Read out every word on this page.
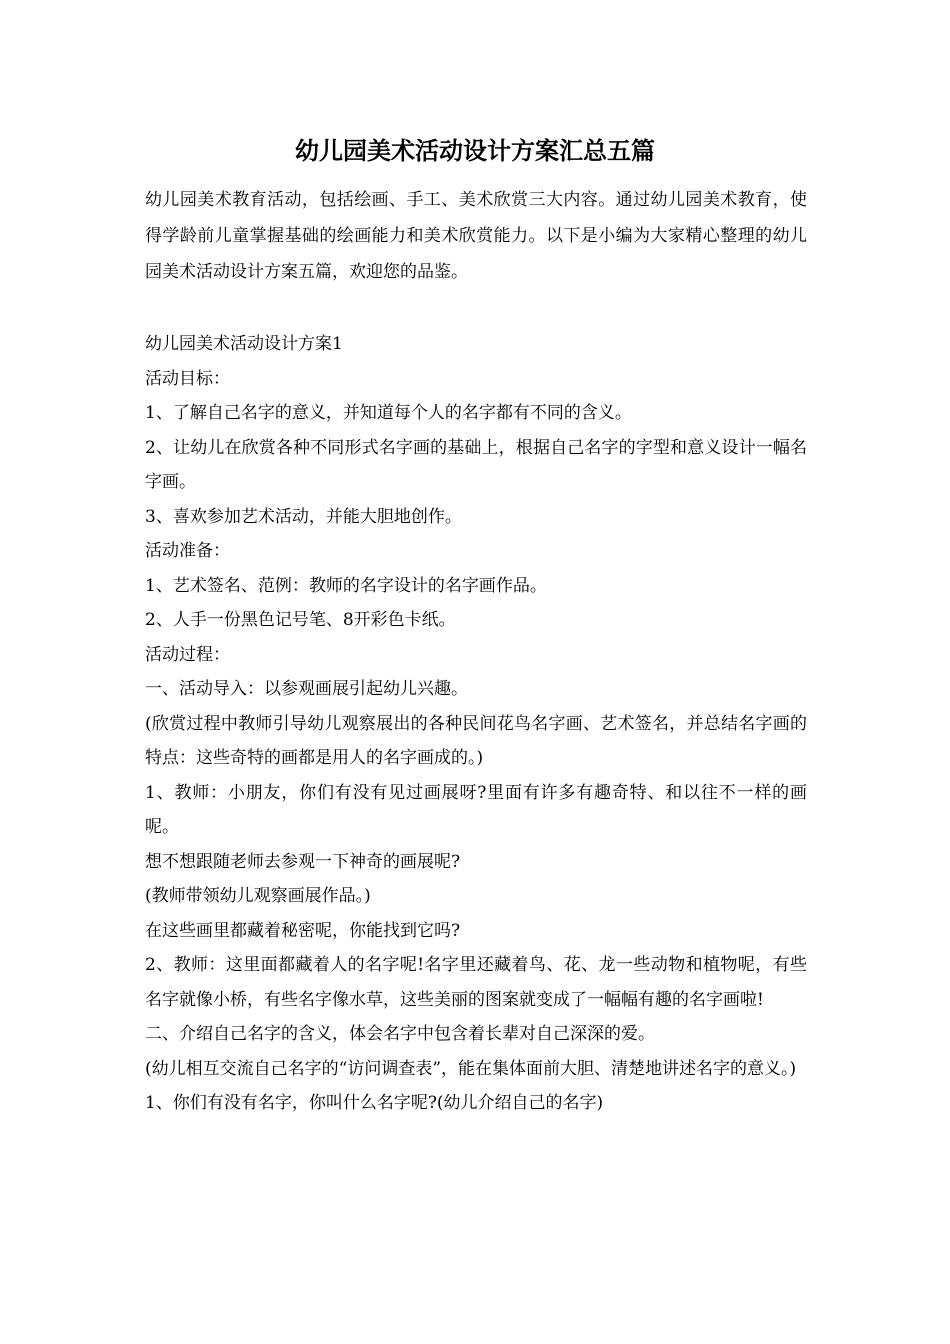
幼儿园美术活动设计方案汇总五篇

幼儿园美术教育活动，包括绘画、手工、美术欣赏三大内容。通过幼儿园美术教育，使得学龄前儿童掌握基础的绘画能力和美术欣赏能力。以下是小编为大家精心整理的幼儿园美术活动设计方案五篇，欢迎您的品鉴。

幼儿园美术活动设计方案1

活动目标：

1、了解自己名字的意义，并知道每个人的名字都有不同的含义。

2、让幼儿在欣赏各种不同形式名字画的基础上，根据自己名字的字型和意义设计一幅名字画。

3、喜欢参加艺术活动，并能大胆地创作。

活动准备：

1、艺术签名、范例：教师的名字设计的名字画作品。

2、人手一份黑色记号笔、8开彩色卡纸。

活动过程：

一、活动导入：以参观画展引起幼儿兴趣。

(欣赏过程中教师引导幼儿观察展出的各种民间花鸟名字画、艺术签名，并总结名字画的特点：这些奇特的画都是用人的名字画成的。)

1、教师：小朋友，你们有没有见过画展呀?里面有许多有趣奇特、和以往不一样的画呢。

想不想跟随老师去参观一下神奇的画展呢?

(教师带领幼儿观察画展作品。)

在这些画里都藏着秘密呢，你能找到它吗?

2、教师：这里面都藏着人的名字呢!名字里还藏着鸟、花、龙一些动物和植物呢，有些名字就像小桥，有些名字像水草，这些美丽的图案就变成了一幅幅有趣的名字画啦!

二、介绍自己名字的含义，体会名字中包含着长辈对自己深深的爱。

(幼儿相互交流自己名字的“访问调查表”，能在集体面前大胆、清楚地讲述名字的意义。)

1、你们有没有名字，你叫什么名字呢?(幼儿介绍自己的名字)
